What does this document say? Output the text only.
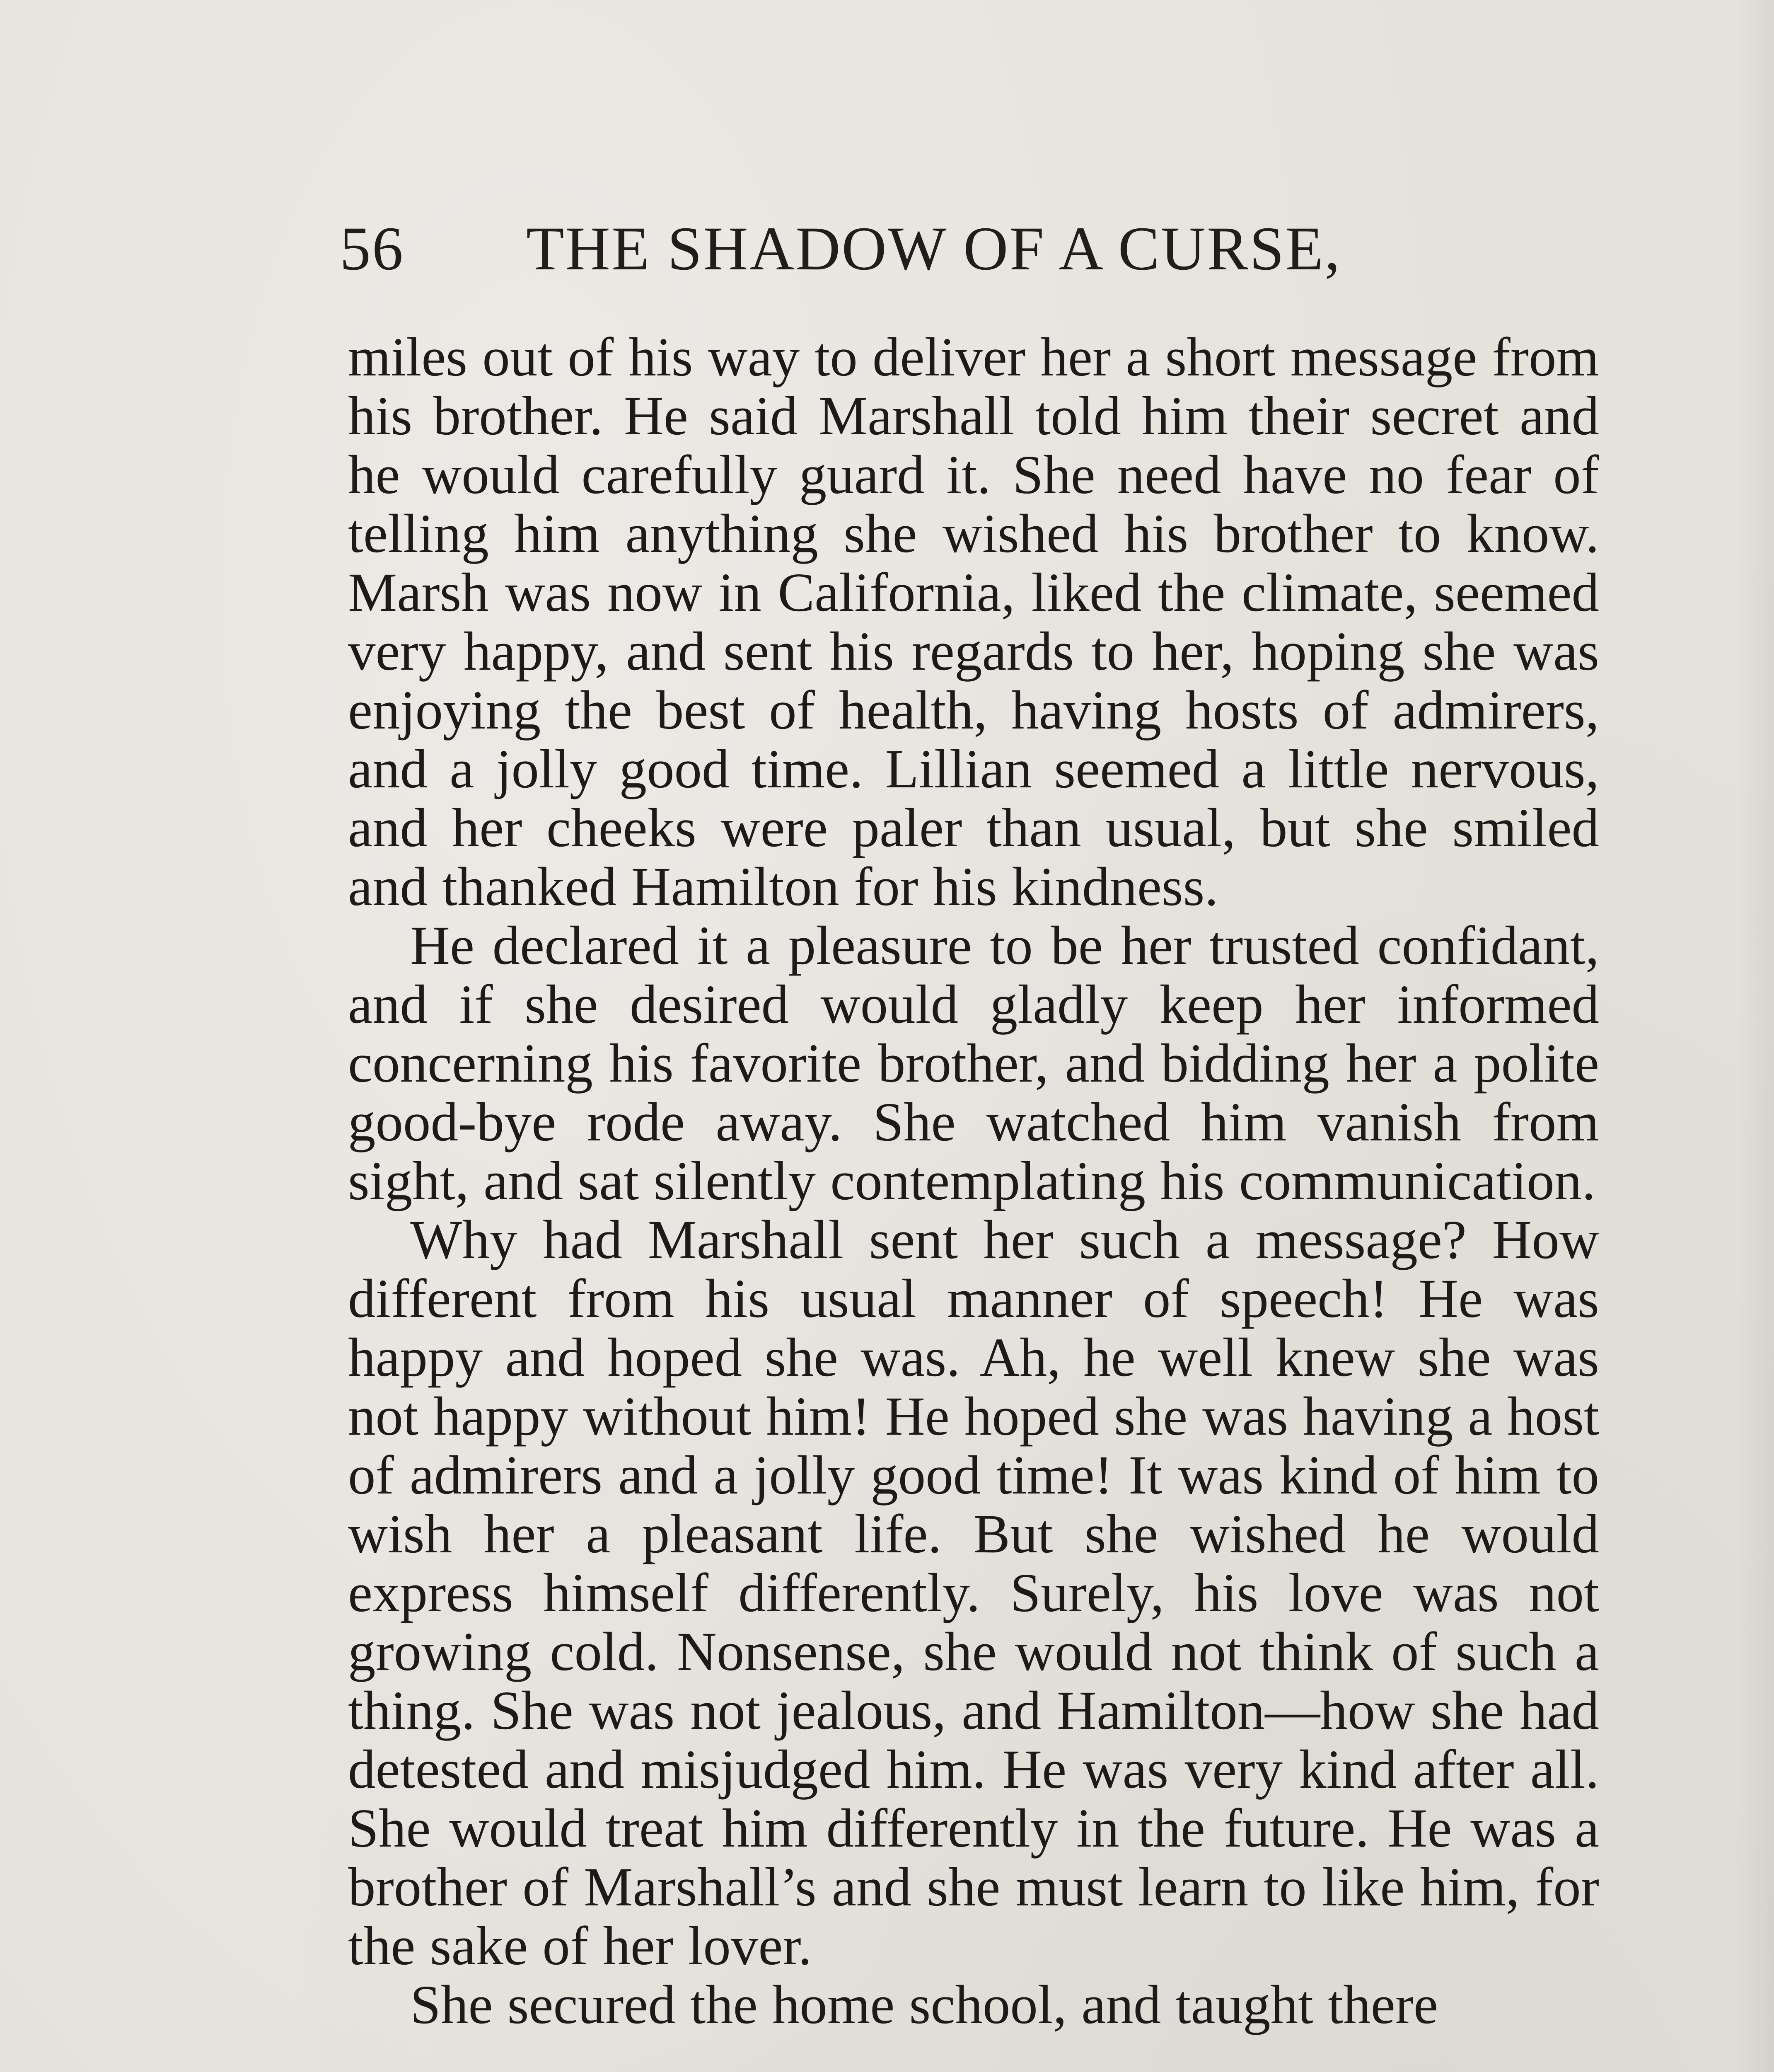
56 THE SHADOW OF A CURSE,

miles out of his way to deliver her a short message from his brother. He said Marshall told him their secret and he would carefully guard it. She need have no fear of telling him anything she wished his brother to know. Marsh was now in California, liked the climate, seemed very happy, and sent his regards to her, hoping she was enjoying the best of health, having hosts of admirers, and a jolly good time. Lillian seemed a little nervous, and her cheeks were paler than usual, but she smiled and thanked Hamilton for his kindness.

He declared it a pleasure to be her trusted confidant, and if she desired would gladly keep her informed concerning his favorite brother, and bidding her a polite good-bye rode away. She watched him vanish from sight, and sat silently contemplating his communication.

Why had Marshall sent her such a message? How different from his usual manner of speech! He was happy and hoped she was. Ah, he well knew she was not happy without him! He hoped she was having a host of admirers and a jolly good time! It was kind of him to wish her a pleasant life. But she wished he would express himself differently. Surely, his love was not growing cold. Nonsense, she would not think of such a thing. She was not jealous, and Hamilton—how she had detested and misjudged him. He was very kind after all. She would treat him differently in the future. He was a brother of Marshall’s and she must learn to like him, for the sake of her lover.

She secured the home school, and taught there
